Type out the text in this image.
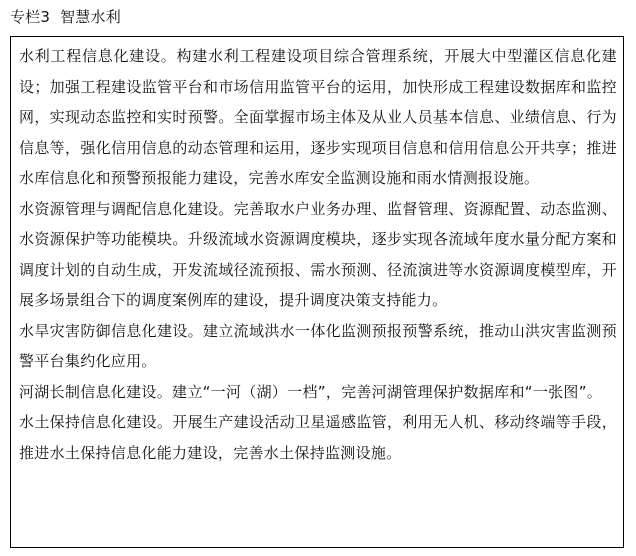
专栏3 智慧水利

水利工程信息化建设。构建水利工程建设项目综合管理系统，开展大中型灌区信息化建设；加强工程建设监管平台和市场信用监管平台的运用，加快形成工程建设数据库和监控网，实现动态监控和实时预警。全面掌握市场主体及从业人员基本信息、业绩信息、行为信息等，强化信用信息的动态管理和运用，逐步实现项目信息和信用信息公开共享；推进水库信息化和预警预报能力建设，完善水库安全监测设施和雨水情测报设施。

水资源管理与调配信息化建设。完善取水户业务办理、监督管理、资源配置、动态监测、水资源保护等功能模块。升级流域水资源调度模块，逐步实现各流域年度水量分配方案和调度计划的自动生成，开发流域径流预报、需水预测、径流演进等水资源调度模型库，开展多场景组合下的调度案例库的建设，提升调度决策支持能力。

水旱灾害防御信息化建设。建立流域洪水一体化监测预报预警系统，推动山洪灾害监测预警平台集约化应用。

河湖长制信息化建设。建立“一河（湖）一档”，完善河湖管理保护数据库和“一张图”。

水土保持信息化建设。开展生产建设活动卫星遥感监管，利用无人机、移动终端等手段，推进水土保持信息化能力建设，完善水土保持监测设施。
